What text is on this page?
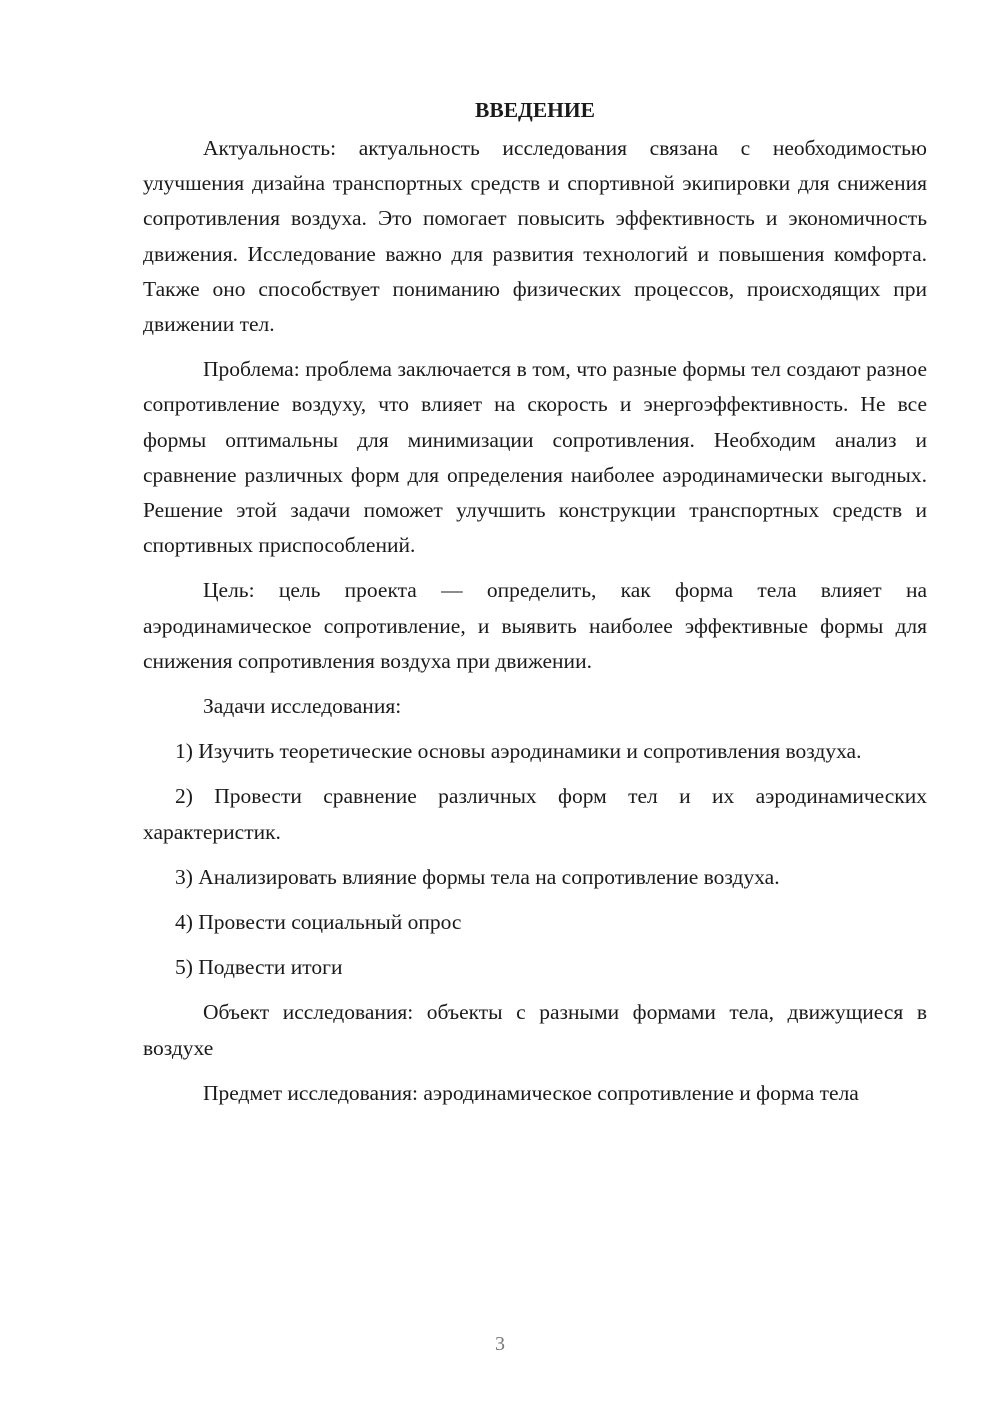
ВВЕДЕНИЕ

Актуальность: актуальность исследования связана с необходимостью улучшения дизайна транспортных средств и спортивной экипировки для снижения сопротивления воздуха. Это помогает повысить эффективность и экономичность движения. Исследование важно для развития технологий и повышения комфорта. Также оно способствует пониманию физических процессов, происходящих при движении тел.

Проблема: проблема заключается в том, что разные формы тел создают разное сопротивление воздуху, что влияет на скорость и энергоэффективность. Не все формы оптимальны для минимизации сопротивления. Необходим анализ и сравнение различных форм для определения наиболее аэродинамически выгодных. Решение этой задачи поможет улучшить конструкции транспортных средств и спортивных приспособлений.

Цель: цель проекта — определить, как форма тела влияет на аэродинамическое сопротивление, и выявить наиболее эффективные формы для снижения сопротивления воздуха при движении.

Задачи исследования:

1) Изучить теоретические основы аэродинамики и сопротивления воздуха.

2) Провести сравнение различных форм тел и их аэродинамических характеристик.

3) Анализировать влияние формы тела на сопротивление воздуха.

4) Провести социальный опрос

5) Подвести итоги

Объект исследования: объекты с разными формами тела, движущиеся в воздухе

Предмет исследования: аэродинамическое сопротивление и форма тела

3
